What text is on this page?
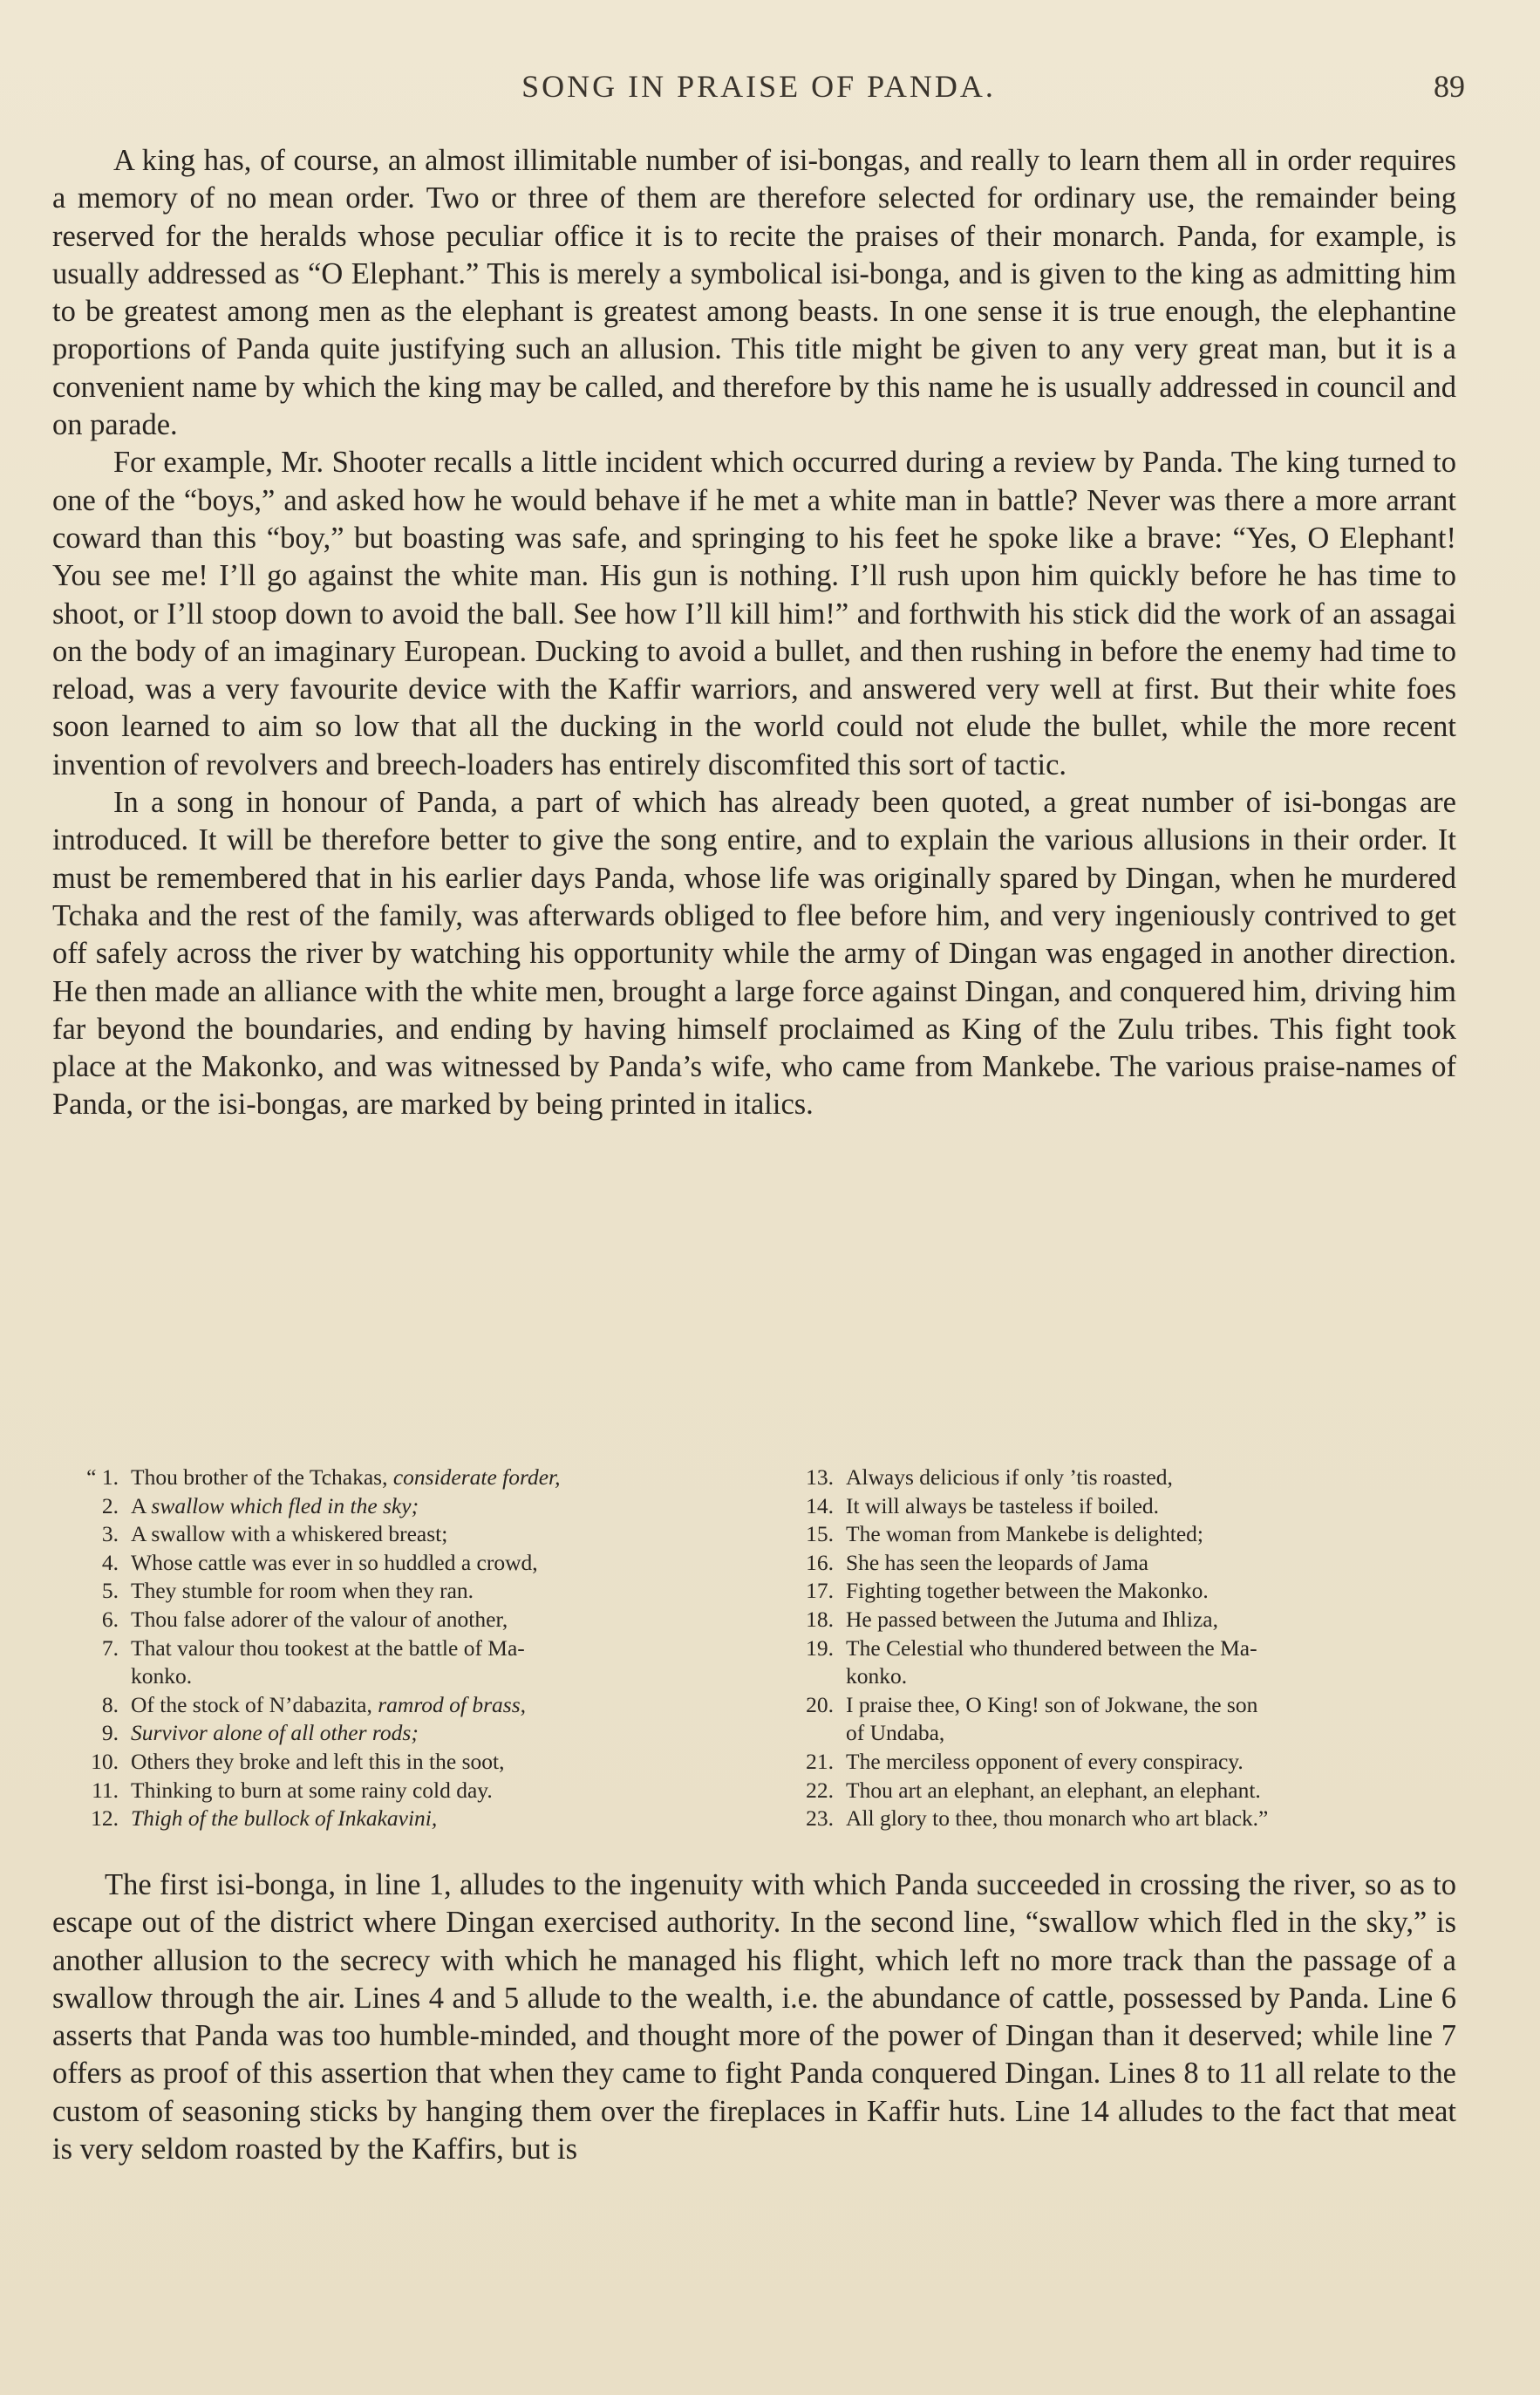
SONG IN PRAISE OF PANDA.	89

A king has, of course, an almost illimitable number of isi-bongas, and really to learn them all in order requires a memory of no mean order. Two or three of them are therefore selected for ordinary use, the remainder being reserved for the heralds whose peculiar office it is to recite the praises of their monarch. Panda, for example, is usually addressed as “O Elephant.” This is merely a symbolical isi-bonga, and is given to the king as admitting him to be greatest among men as the elephant is greatest among beasts. In one sense it is true enough, the elephantine proportions of Panda quite justifying such an allusion. This title might be given to any very great man, but it is a convenient name by which the king may be called, and therefore by this name he is usually addressed in council and on parade.

For example, Mr. Shooter recalls a little incident which occurred during a review by Panda. The king turned to one of the “boys,” and asked how he would behave if he met a white man in battle? Never was there a more arrant coward than this “boy,” but boasting was safe, and springing to his feet he spoke like a brave: “Yes, O Elephant! You see me! I’ll go against the white man. His gun is nothing. I’ll rush upon him quickly before he has time to shoot, or I’ll stoop down to avoid the ball. See how I’ll kill him!” and forthwith his stick did the work of an assagai on the body of an imaginary European. Ducking to avoid a bullet, and then rushing in before the enemy had time to reload, was a very favourite device with the Kaffir warriors, and answered very well at first. But their white foes soon learned to aim so low that all the ducking in the world could not elude the bullet, while the more recent invention of revolvers and breech-loaders has entirely discomfited this sort of tactic.

In a song in honour of Panda, a part of which has already been quoted, a great number of isi-bongas are introduced. It will be therefore better to give the song entire, and to explain the various allusions in their order. It must be remembered that in his earlier days Panda, whose life was originally spared by Dingan, when he murdered Tchaka and the rest of the family, was afterwards obliged to flee before him, and very ingeniously contrived to get off safely across the river by watching his opportunity while the army of Dingan was engaged in another direction. He then made an alliance with the white men, brought a large force against Dingan, and conquered him, driving him far beyond the boundaries, and ending by having himself proclaimed as King of the Zulu tribes. This fight took place at the Makonko, and was witnessed by Panda’s wife, who came from Mankebe. The various praise-names of Panda, or the isi-bongas, are marked by being printed in italics.

“ 1. Thou brother of the Tchakas, considerate forder,
2. A swallow which fled in the sky;
3. A swallow with a whiskered breast;
4. Whose cattle was ever in so huddled a crowd,
5. They stumble for room when they ran.
6. Thou false adorer of the valour of another,
7. That valour thou tookest at the battle of Ma-
konko.
8. Of the stock of N’dabazita, ramrod of brass,
9. Survivor alone of all other rods;
10. Others they broke and left this in the soot,
11. Thinking to burn at some rainy cold day.
12. Thigh of the bullock of Inkakavini,
13. Always delicious if only ’tis roasted,
14. It will always be tasteless if boiled.
15. The woman from Mankebe is delighted;
16. She has seen the leopards of Jama
17. Fighting together between the Makonko.
18. He passed between the Jutuma and Ihliza,
19. The Celestial who thundered between the Ma-
konko.
20. I praise thee, O King! son of Jokwane, the son
of Undaba,
21. The merciless opponent of every conspiracy.
22. Thou art an elephant, an elephant, an elephant.
23. All glory to thee, thou monarch who art black.”

The first isi-bonga, in line 1, alludes to the ingenuity with which Panda succeeded in crossing the river, so as to escape out of the district where Dingan exercised authority. In the second line, “swallow which fled in the sky,” is another allusion to the secrecy with which he managed his flight, which left no more track than the passage of a swallow through the air. Lines 4 and 5 allude to the wealth, i.e. the abundance of cattle, possessed by Panda. Line 6 asserts that Panda was too humble-minded, and thought more of the power of Dingan than it deserved; while line 7 offers as proof of this assertion that when they came to fight Panda conquered Dingan. Lines 8 to 11 all relate to the custom of seasoning sticks by hanging them over the fireplaces in Kaffir huts. Line 14 alludes to the fact that meat is very seldom roasted by the Kaffirs, but is
